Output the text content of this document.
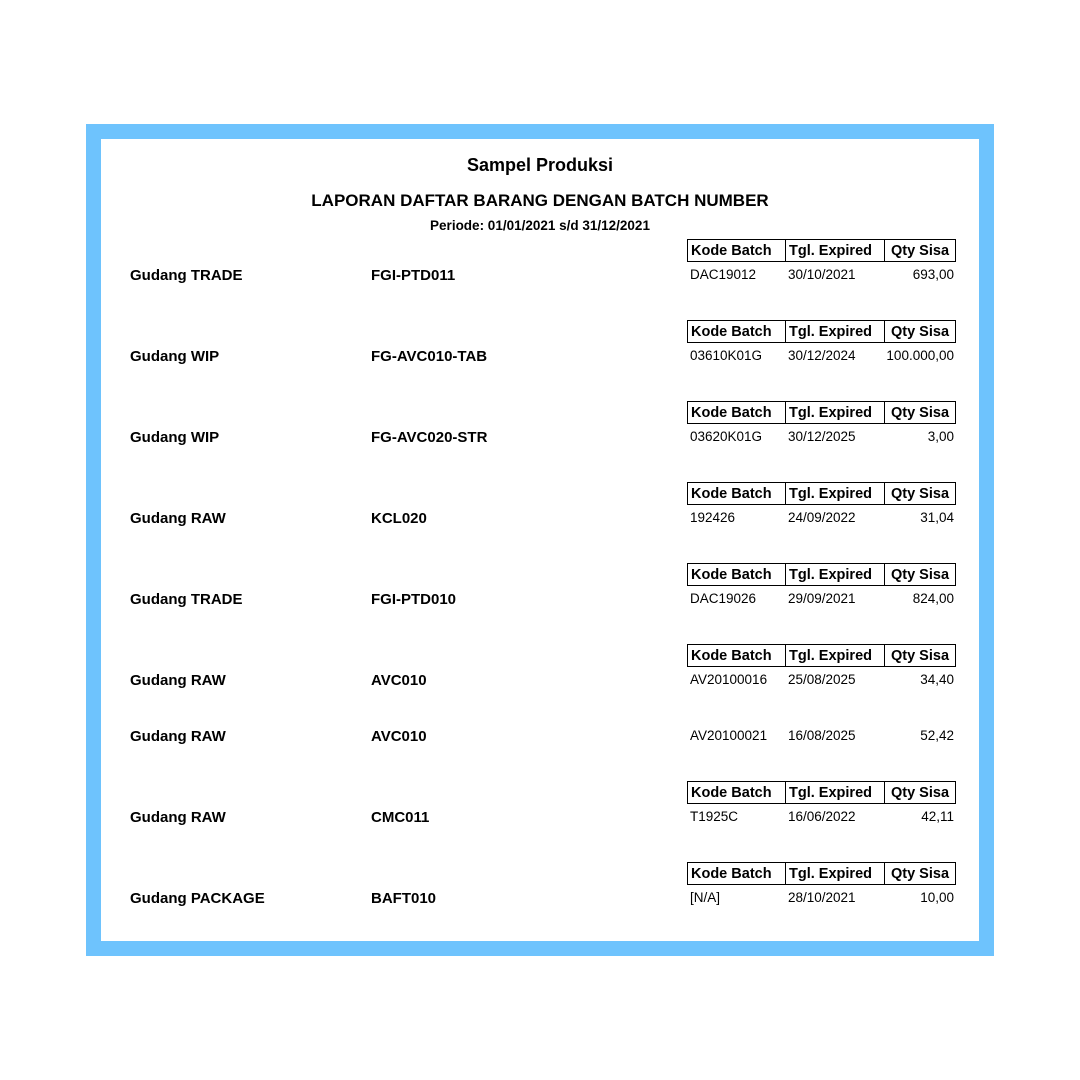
Sampel Produksi
LAPORAN DAFTAR BARANG DENGAN BATCH NUMBER
Periode: 01/01/2021 s/d 31/12/2021
Kode Batch	Tgl. Expired	Qty Sisa
Gudang TRADE	FGI-PTD011	DAC19012 30/10/2021	693,00
Kode Batch	Tgl. Expired	Qty Sisa
Gudang WIP	FG-AVC010-TAB	03610K01G 30/12/2024	100.000,00
Kode Batch	Tgl. Expired	Qty Sisa
Gudang WIP	FG-AVC020-STR	03620K01G 30/12/2025	3,00
Kode Batch	Tgl. Expired	Qty Sisa
Gudang RAW	KCL020	192426	24/09/2022	31,04
Kode Batch	Tgl. Expired	Qty Sisa
Gudang TRADE	FGI-PTD010	DAC19026 29/09/2021	824,00
Kode Batch	Tgl. Expired	Qty Sisa
Gudang RAW	AVC010	AV20100016 25/08/2025	34,40
Gudang RAW	AVC010	AV20100021 16/08/2025	52,42
Kode Batch	Tgl. Expired	Qty Sisa
Gudang RAW	CMC011	T1925C	16/06/2022	42,11
Kode Batch	Tgl. Expired	Qty Sisa
Gudang PACKAGE	BAFT010	[N/A]	28/10/2021	10,00
